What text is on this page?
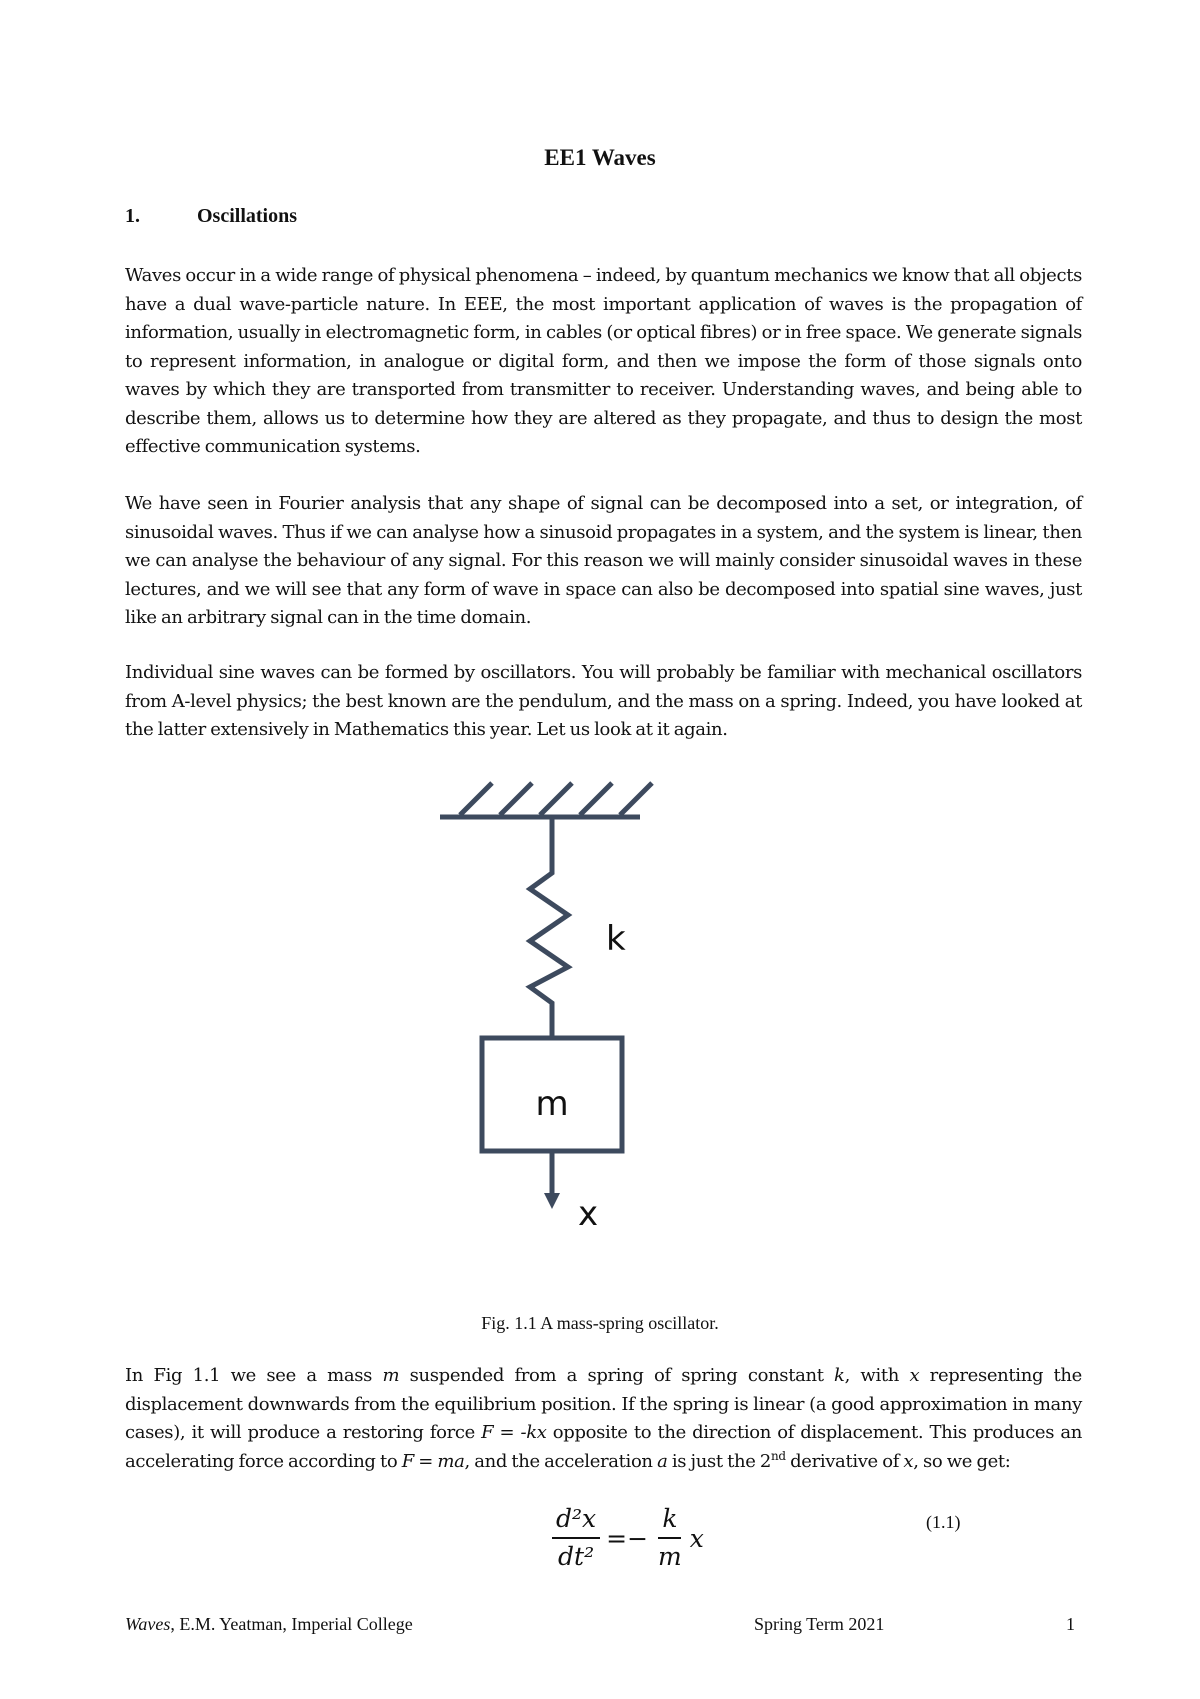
EE1 Waves
1.	Oscillations
Waves occur in a wide range of physical phenomena – indeed, by quantum mechanics we know that all objects have a dual wave-particle nature. In EEE, the most important application of waves is the propagation of information, usually in electromagnetic form, in cables (or optical fibres) or in free space. We generate signals to represent information, in analogue or digital form, and then we impose the form of those signals onto waves by which they are transported from transmitter to receiver. Understanding waves, and being able to describe them, allows us to determine how they are altered as they propagate, and thus to design the most effective communication systems.
We have seen in Fourier analysis that any shape of signal can be decomposed into a set, or integration, of sinusoidal waves. Thus if we can analyse how a sinusoid propagates in a system, and the system is linear, then we can analyse the behaviour of any signal. For this reason we will mainly consider sinusoidal waves in these lectures, and we will see that any form of wave in space can also be decomposed into spatial sine waves, just like an arbitrary signal can in the time domain.
Individual sine waves can be formed by oscillators. You will probably be familiar with mechanical oscillators from A-level physics; the best known are the pendulum, and the mass on a spring. Indeed, you have looked at the latter extensively in Mathematics this year. Let us look at it again.
k
m
x
Fig. 1.1 A mass-spring oscillator.
In Fig 1.1 we see a mass m suspended from a spring of spring constant k, with x representing the displacement downwards from the equilibrium position. If the spring is linear (a good approximation in many cases), it will produce a restoring force F = -kx opposite to the direction of displacement. This produces an accelerating force according to F = ma, and the acceleration a is just the 2nd derivative of x, so we get:
$\frac{\text{d²x}}{\text{dt²}} =- \frac{k}{m}$ x
(1.1)
Waves, E.M. Yeatman, Imperial College	Spring Term 2021	1
